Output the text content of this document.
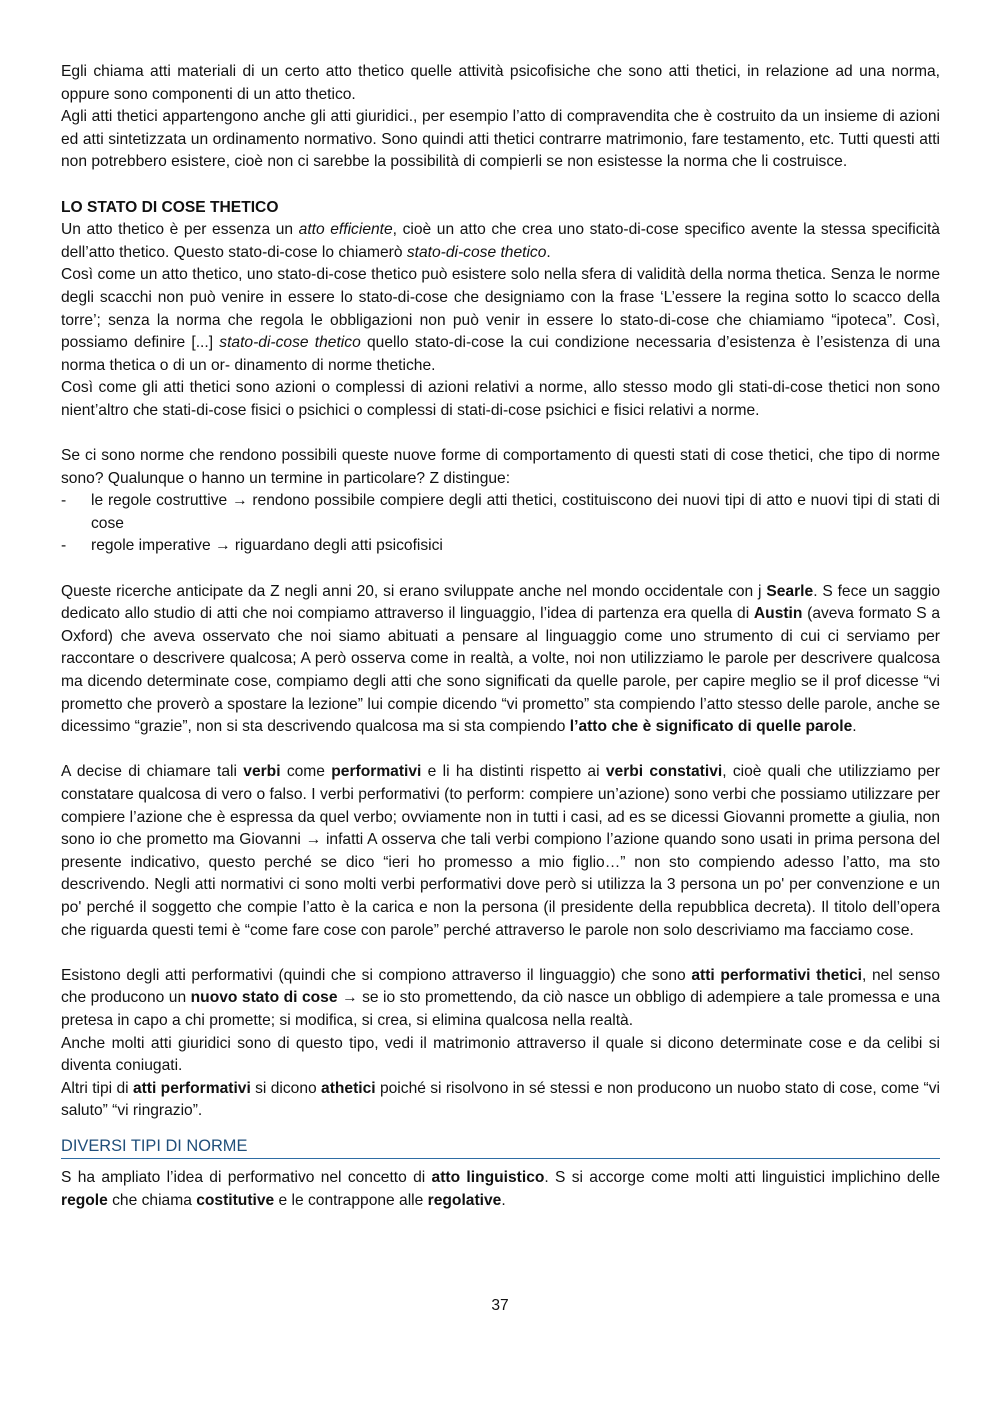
Egli chiama atti materiali di un certo atto thetico quelle attività psicofisiche che sono atti thetici, in relazione ad una norma, oppure sono componenti di un atto thetico.

Agli atti thetici appartengono anche gli atti giuridici., per esempio l’atto di compravendita che è costruito da un insieme di azioni ed atti sintetizzata un ordinamento normativo. Sono quindi atti thetici contrarre matrimonio, fare testamento, etc. Tutti questi atti non potrebbero esistere, cioè non ci sarebbe la possibilità di compierli se non esistesse la norma che li costruisce.

LO STATO DI COSE THETICO

Un atto thetico è per essenza un atto efficiente, cioè un atto che crea uno stato-di-cose specifico avente la stessa specificità dell’atto thetico. Questo stato-di-cose lo chiamerò stato-di-cose thetico.

Così come un atto thetico, uno stato-di-cose thetico può esistere solo nella sfera di validità della norma thetica. Senza le norme degli scacchi non può venire in essere lo stato-di-cose che designiamo con la frase ‘L’essere la regina sotto lo scacco della torre’; senza la norma che regola le obbligazioni non può venir in essere lo stato-di-cose che chiamiamo “ipoteca”. Così, possiamo definire [...] stato-di-cose thetico quello stato-di-cose la cui condizione necessaria d’esistenza è l’esistenza di una norma thetica o di un or- dinamento di norme thetiche.

Così come gli atti thetici sono azioni o complessi di azioni relativi a norme, allo stesso modo gli stati-di-cose thetici non sono nient’altro che stati-di-cose fisici o psichici o complessi di stati-di-cose psichici e fisici relativi a norme.

Se ci sono norme che rendono possibili queste nuove forme di comportamento di questi stati di cose thetici, che tipo di norme sono? Qualunque o hanno un termine in particolare? Z distingue:

- le regole costruttive → rendono possibile compiere degli atti thetici, costituiscono dei nuovi tipi di atto e nuovi tipi di stati di cose
- regole imperative → riguardano degli atti psicofisici

Queste ricerche anticipate da Z negli anni 20, si erano sviluppate anche nel mondo occidentale con j Searle. S fece un saggio dedicato allo studio di atti che noi compiamo attraverso il linguaggio, l’idea di partenza era quella di Austin (aveva formato S a Oxford) che aveva osservato che noi siamo abituati a pensare al linguaggio come uno strumento di cui ci serviamo per raccontare o descrivere qualcosa; A però osserva come in realtà, a volte, noi non utilizziamo le parole per descrivere qualcosa ma dicendo determinate cose, compiamo degli atti che sono significati da quelle parole, per capire meglio se il prof dicesse “vi prometto che proverò a spostare la lezione” lui compie dicendo “vi prometto” sta compiendo l’atto stesso delle parole, anche se dicessimo “grazie”, non si sta descrivendo qualcosa ma si sta compiendo l’atto che è significato di quelle parole.

A decise di chiamare tali verbi come performativi e li ha distinti rispetto ai verbi constativi, cioè quali che utilizziamo per constatare qualcosa di vero o falso. I verbi performativi (to perform: compiere un’azione) sono verbi che possiamo utilizzare per compiere l’azione che è espressa da quel verbo; ovviamente non in tutti i casi, ad es se dicessi Giovanni promette a giulia, non sono io che prometto ma Giovanni → infatti A osserva che tali verbi compiono l’azione quando sono usati in prima persona del presente indicativo, questo perché se dico “ieri ho promesso a mio figlio…” non sto compiendo adesso l’atto, ma sto descrivendo. Negli atti normativi ci sono molti verbi performativi dove però si utilizza la 3 persona un po' per convenzione e un po' perché il soggetto che compie l’atto è la carica e non la persona (il presidente della repubblica decreta). Il titolo dell’opera che riguarda questi temi è “come fare cose con parole” perché attraverso le parole non solo descriviamo ma facciamo cose.

Esistono degli atti performativi (quindi che si compiono attraverso il linguaggio) che sono atti performativi thetici, nel senso che producono un nuovo stato di cose → se io sto promettendo, da ciò nasce un obbligo di adempiere a tale promessa e una pretesa in capo a chi promette; si modifica, si crea, si elimina qualcosa nella realtà.

Anche molti atti giuridici sono di questo tipo, vedi il matrimonio attraverso il quale si dicono determinate cose e da celibi si diventa coniugati.

Altri tipi di atti performativi si dicono athetici poiché si risolvono in sé stessi e non producono un nuobo stato di cose, come “vi saluto” “vi ringrazio”.

DIVERSI TIPI DI NORME

S ha ampliato l’idea di performativo nel concetto di atto linguistico. S si accorge come molti atti linguistici implichino delle regole che chiama costitutive e le contrappone alle regolative.

37
